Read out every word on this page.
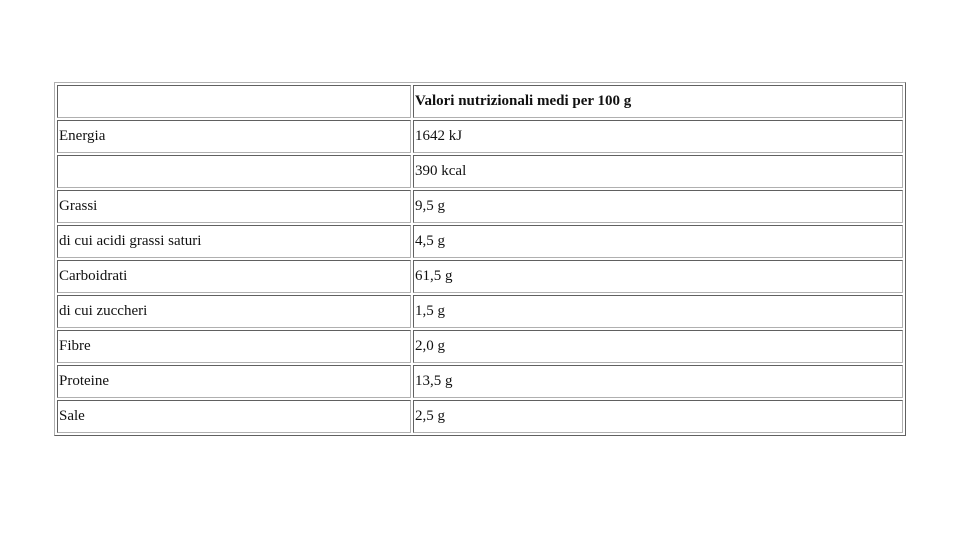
	Valori nutrizionali medi per 100 g
Energia	1642 kJ
	390 kcal
Grassi	9,5 g
di cui acidi grassi saturi	4,5 g
Carboidrati	61,5 g
di cui zuccheri	1,5 g
Fibre	2,0 g
Proteine	13,5 g
Sale	2,5 g
